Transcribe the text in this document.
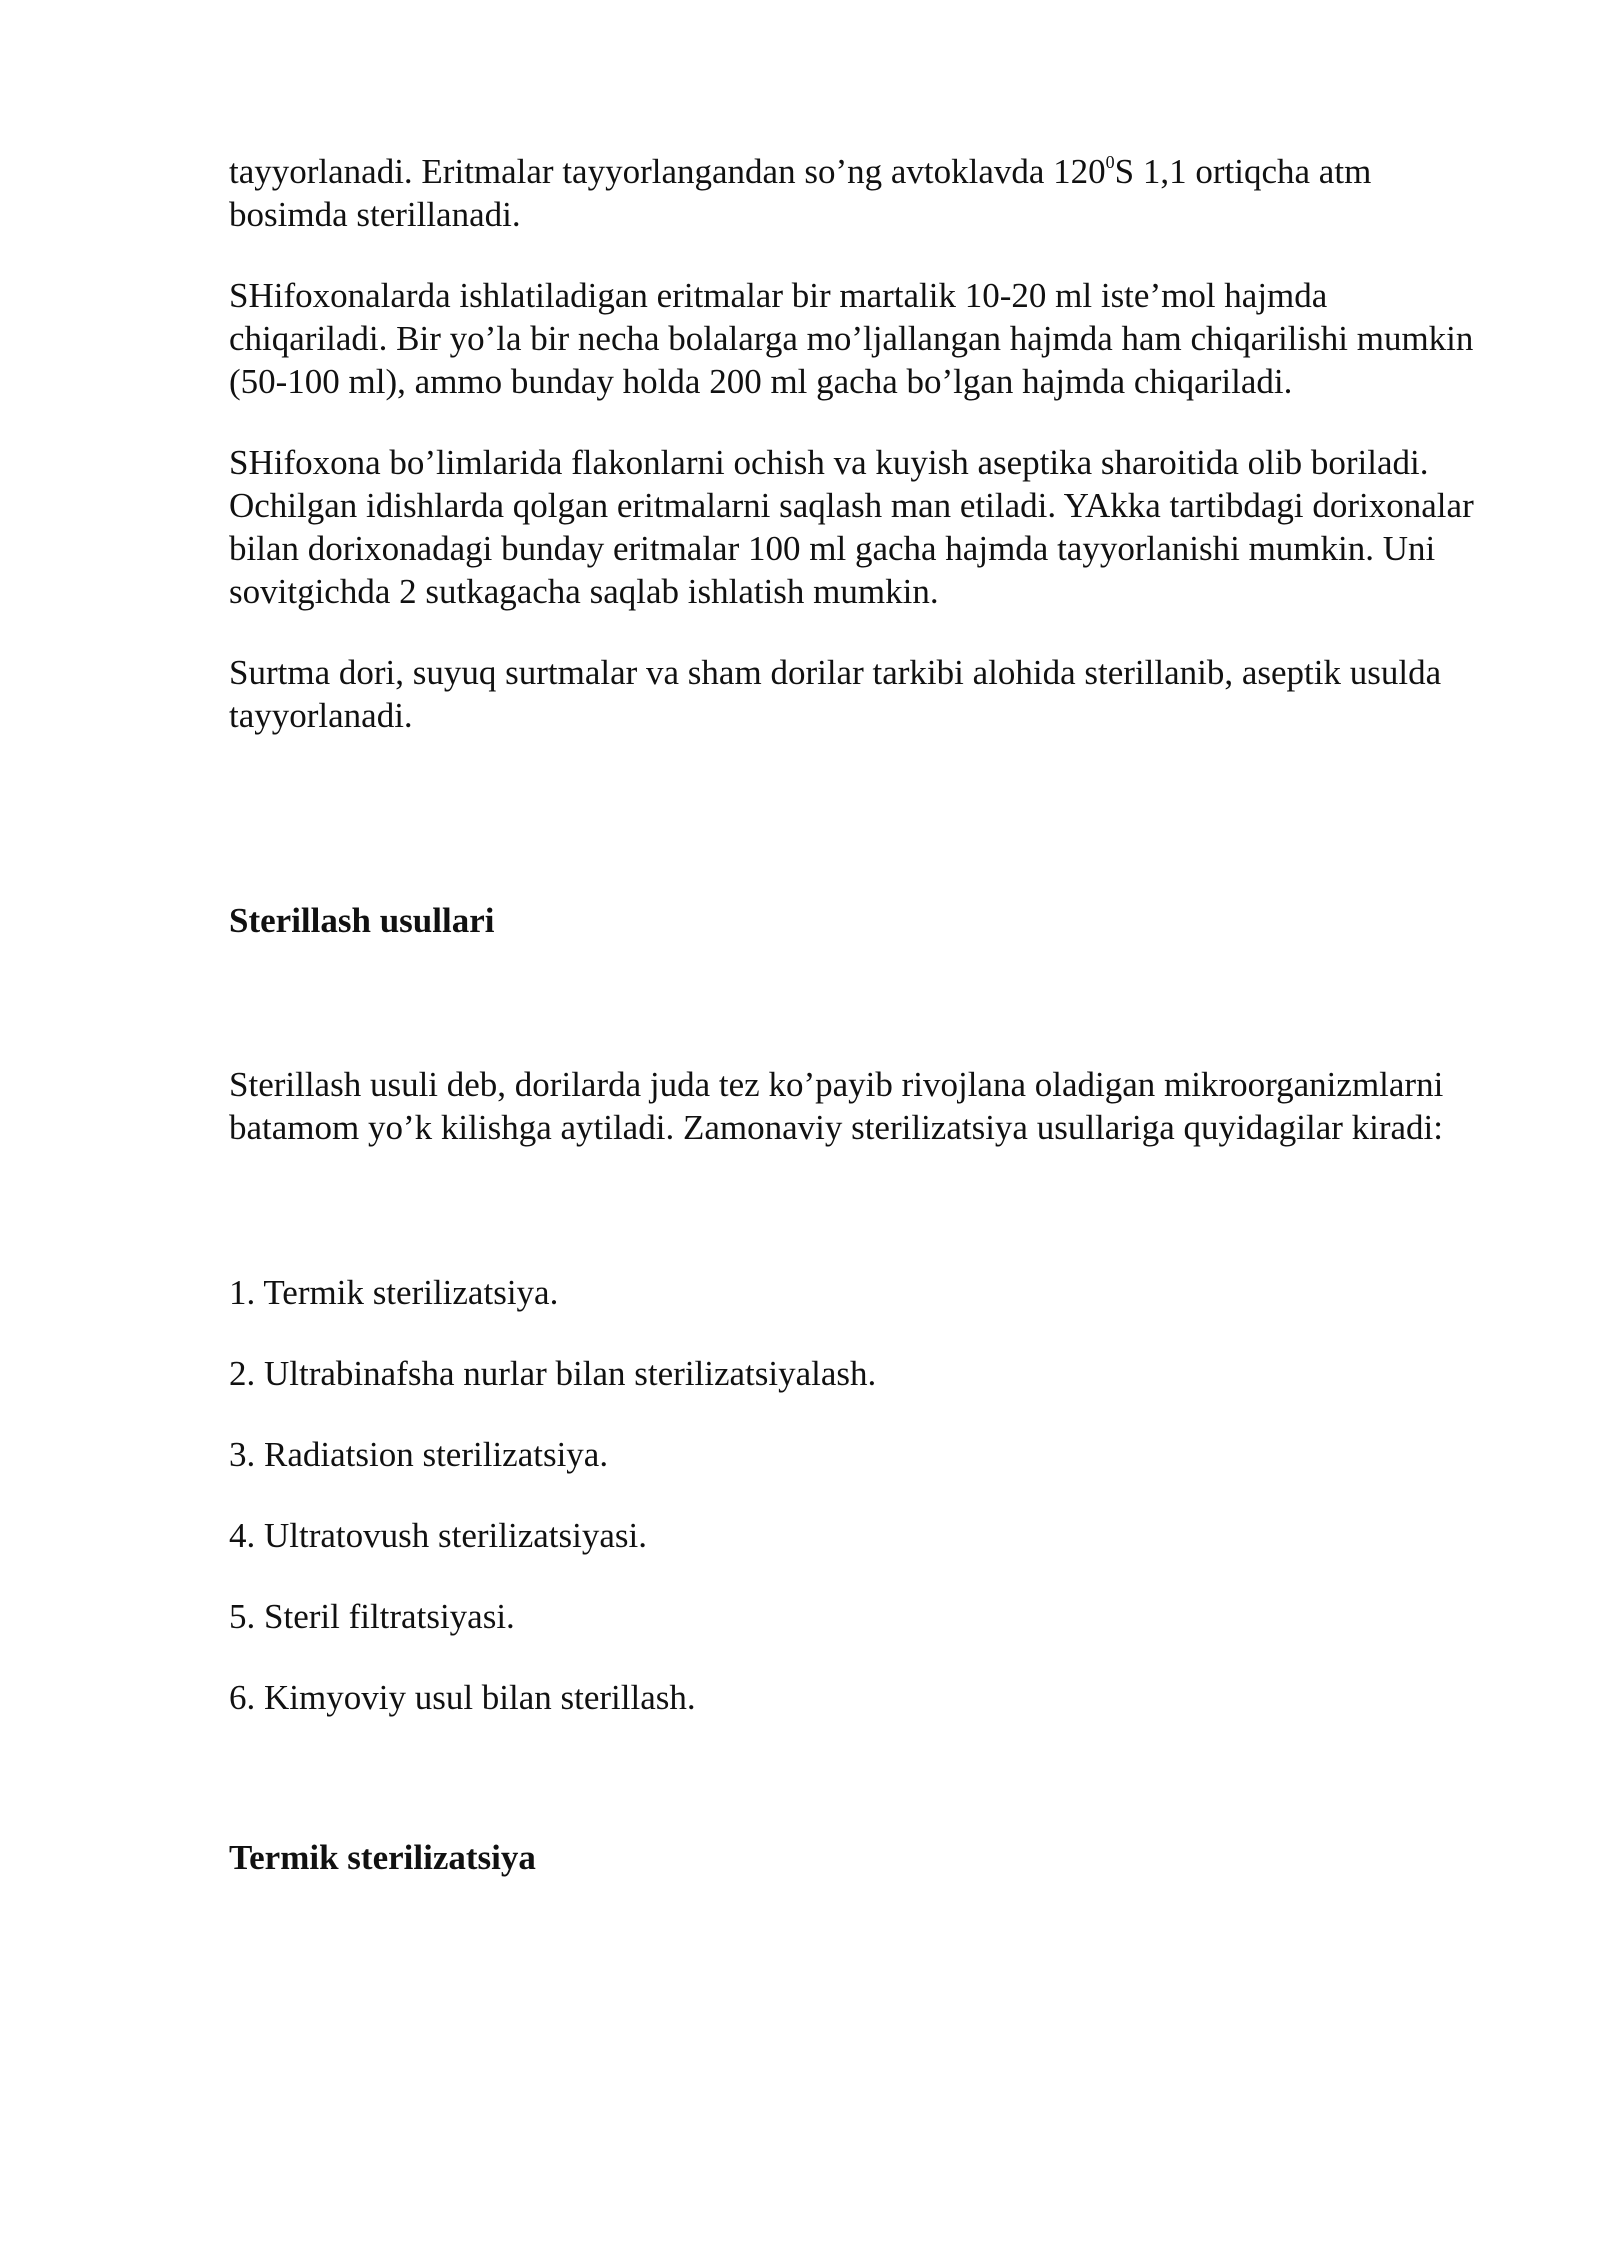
tayyorlanadi. Eritmalar tayyorlangandan so’ng avtoklavda $120^0S$ 1,1 ortiqcha atm bosimda sterillanadi.

SHifoxonalarda ishlatiladigan eritmalar bir martalik 10-20 ml iste’mol hajmda chiqariladi. Bir yo’la bir necha bolalarga mo’ljallangan hajmda ham chiqarilishi mumkin (50-100 ml), ammo bunday holda 200 ml gacha bo’lgan hajmda chiqariladi.

SHifoxona bo’limlarida flakonlarni ochish va kuyish aseptika sharoitida olib boriladi. Ochilgan idishlarda qolgan eritmalarni saqlash man etiladi. YAkka tartibdagi dorixonalar bilan dorixonadagi bunday eritmalar 100 ml gacha hajmda tayyorlanishi mumkin. Uni sovitgichda 2 sutkagacha saqlab ishlatish mumkin.

Surtma dori, suyuq surtmalar va sham dorilar tarkibi alohida sterillanib, aseptik usulda tayyorlanadi.

Sterillash usullari

Sterillash usuli deb, dorilarda juda tez ko’payib rivojlana oladigan mikroorganizmlarni batamom yo’k kilishga aytiladi. Zamonaviy sterilizatsiya usullariga quyidagilar kiradi:

1. Termik sterilizatsiya.

2. Ultrabinafsha nurlar bilan sterilizatsiyalash.

3. Radiatsion sterilizatsiya.

4. Ultratovush sterilizatsiyasi.

5. Steril filtratsiyasi.

6. Kimyoviy usul bilan sterillash.

Termik sterilizatsiya
